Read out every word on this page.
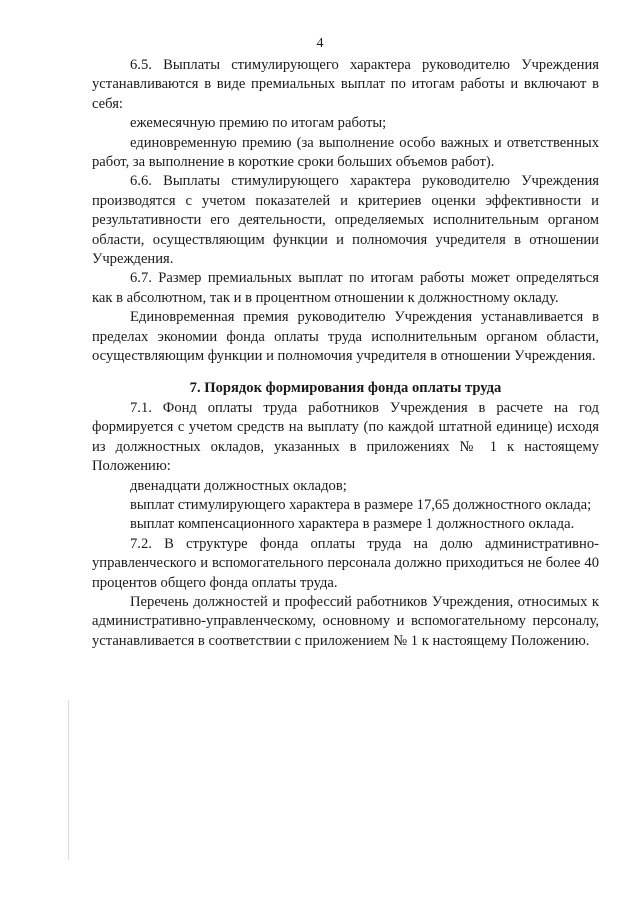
4

6.5. Выплаты стимулирующего характера руководителю Учреждения устанавливаются в виде премиальных выплат по итогам работы и включают в себя:

ежемесячную премию по итогам работы;

единовременную премию (за выполнение особо важных и ответственных работ, за выполнение в короткие сроки больших объемов работ).

6.6. Выплаты стимулирующего характера руководителю Учреждения производятся с учетом показателей и критериев оценки эффективности и результативности его деятельности, определяемых исполнительным органом области, осуществляющим функции и полномочия учредителя в отношении Учреждения.

6.7. Размер премиальных выплат по итогам работы может определяться как в абсолютном, так и в процентном отношении к должностному окладу.

Единовременная премия руководителю Учреждения устанавливается в пределах экономии фонда оплаты труда исполнительным органом области, осуществляющим функции и полномочия учредителя в отношении Учреждения.

7. Порядок формирования фонда оплаты труда

7.1. Фонд оплаты труда работников Учреждения в расчете на год формируется с учетом средств на выплату (по каждой штатной единице) исходя из должностных окладов, указанных в приложениях № 1 к настоящему Положению:

двенадцати должностных окладов;

выплат стимулирующего характера в размере 17,65 должностного оклада;

выплат компенсационного характера в размере 1 должностного оклада.

7.2. В структуре фонда оплаты труда на долю административно-управленческого и вспомогательного персонала должно приходиться не более 40 процентов общего фонда оплаты труда.

Перечень должностей и профессий работников Учреждения, относимых к административно-управленческому, основному и вспомогательному персоналу, устанавливается в соответствии с приложением № 1 к настоящему Положению.
